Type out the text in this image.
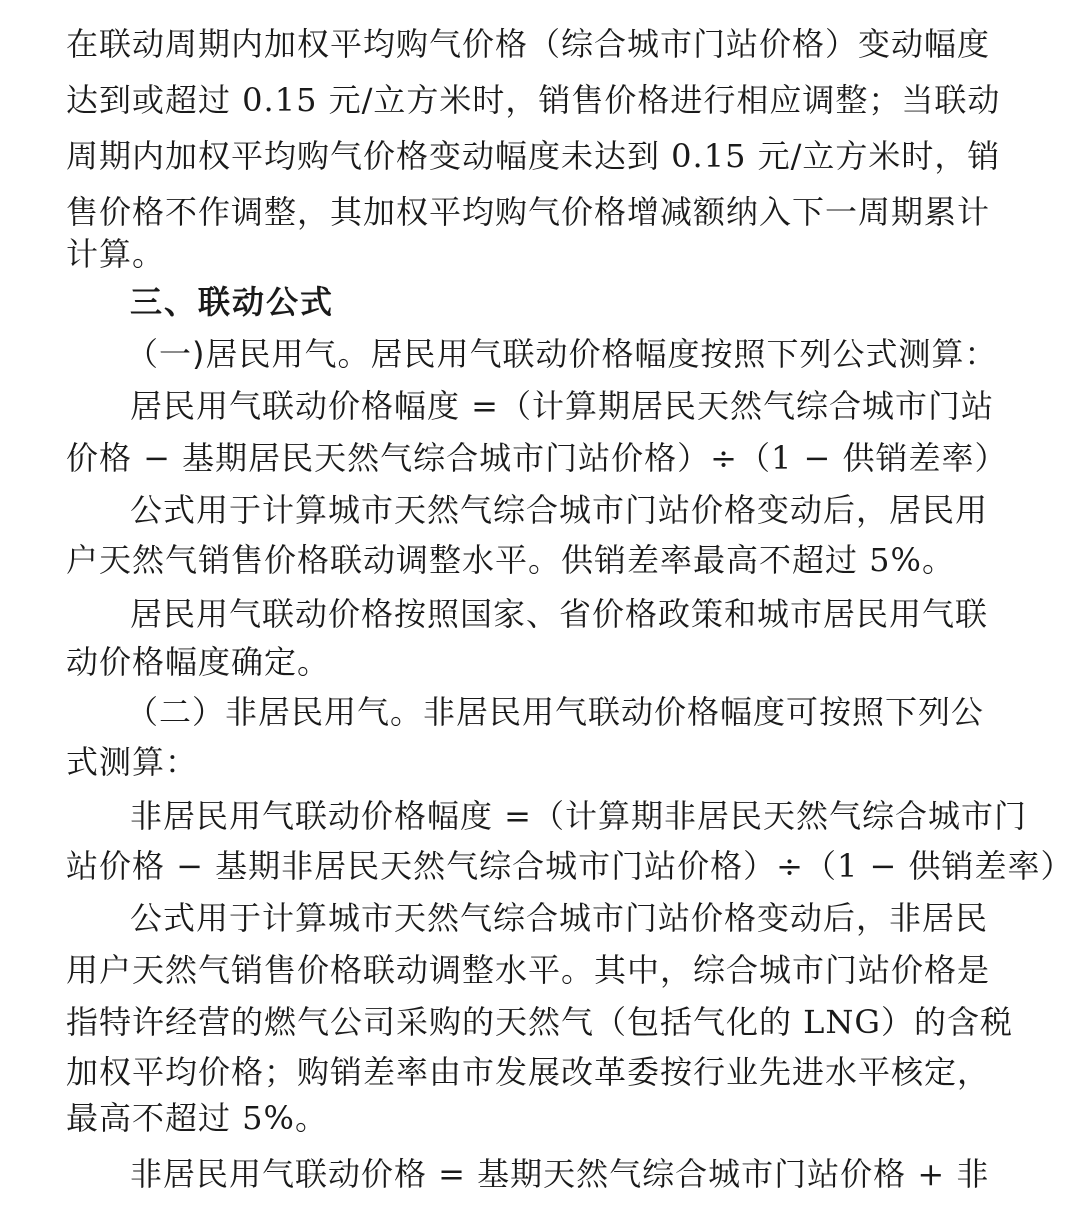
在联动周期内加权平均购气价格（综合城市门站价格）变动幅度

达到或超过 0.15 元/立方米时，销售价格进行相应调整；当联动

周期内加权平均购气价格变动幅度未达到 0.15 元/立方米时，销

售价格不作调整，其加权平均购气价格增减额纳入下一周期累计

计算。

三、联动公式

（一)居民用气。居民用气联动价格幅度按照下列公式测算：

居民用气联动价格幅度 =（计算期居民天然气综合城市门站

价格 − 基期居民天然气综合城市门站价格）÷（1 − 供销差率）

公式用于计算城市天然气综合城市门站价格变动后，居民用

户天然气销售价格联动调整水平。供销差率最高不超过 5%。

居民用气联动价格按照国家、省价格政策和城市居民用气联

动价格幅度确定。

（二）非居民用气。非居民用气联动价格幅度可按照下列公

式测算：

非居民用气联动价格幅度 =（计算期非居民天然气综合城市门

站价格 − 基期非居民天然气综合城市门站价格）÷（1 − 供销差率）

公式用于计算城市天然气综合城市门站价格变动后，非居民

用户天然气销售价格联动调整水平。其中，综合城市门站价格是

指特许经营的燃气公司采购的天然气（包括气化的 LNG）的含税

加权平均价格；购销差率由市发展改革委按行业先进水平核定，

最高不超过 5%。

非居民用气联动价格 = 基期天然气综合城市门站价格 + 非
